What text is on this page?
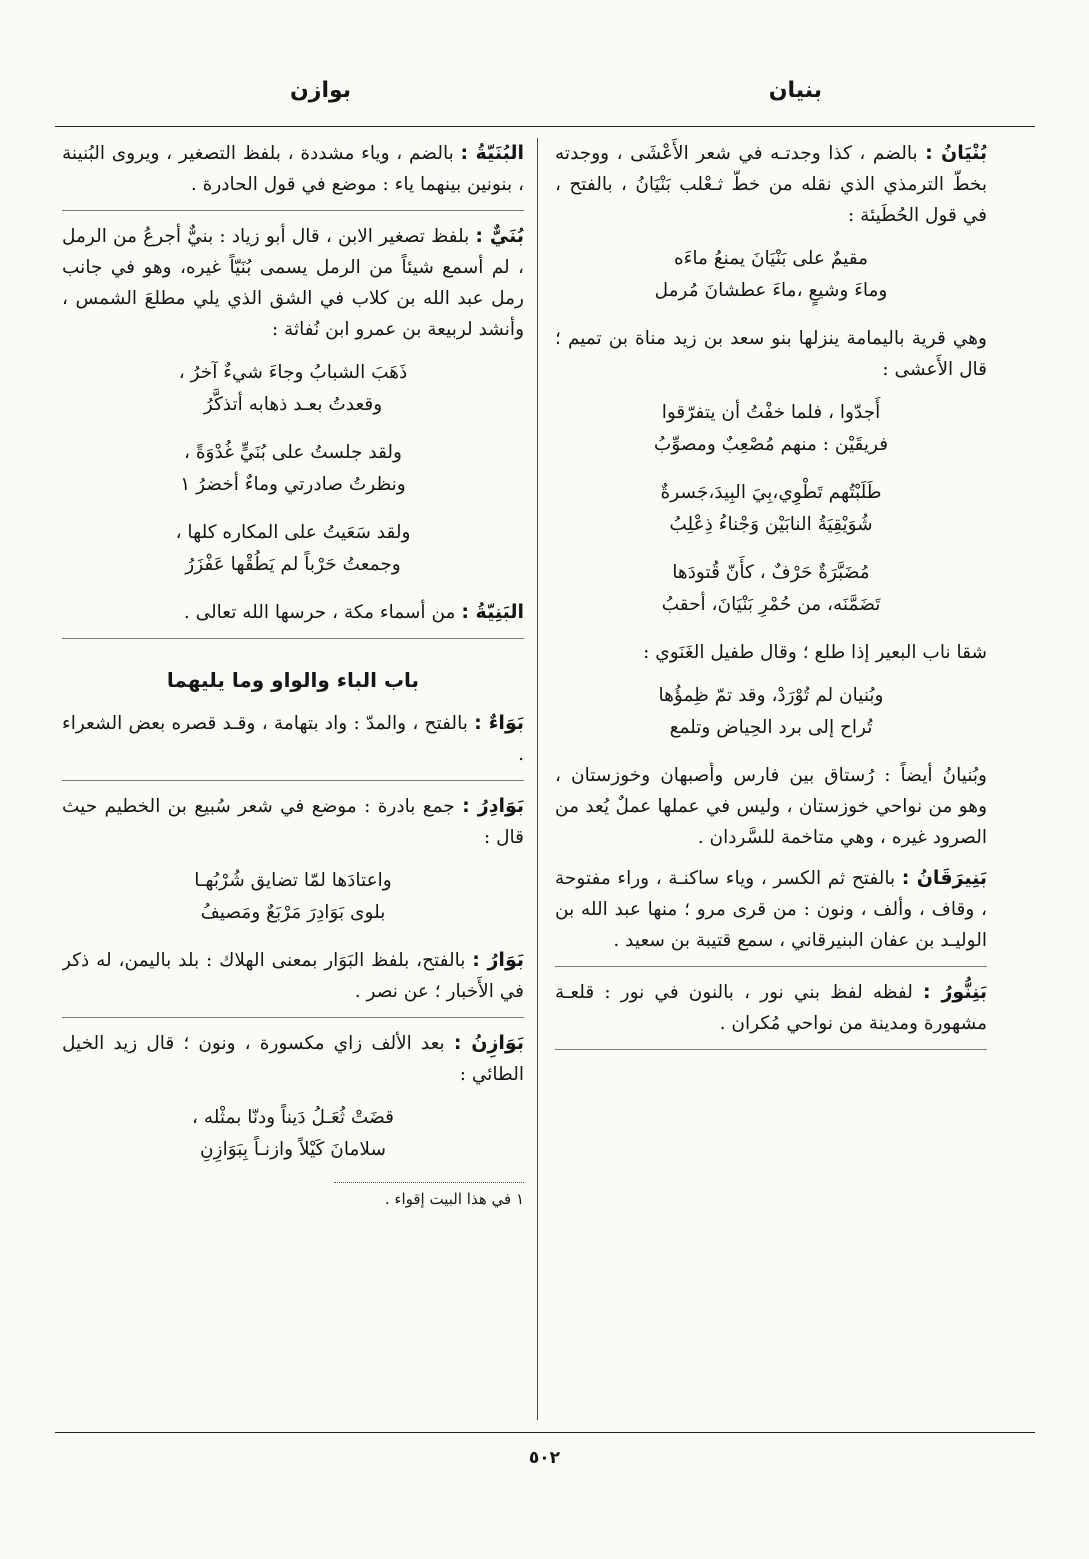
بنيان
بوازن
بُنْيَانُ : بالضم ، كذا وجدتـه في شعر الأَعْشَى ، ووجدته بخطّ الترمذي الذي نقله من خطّ ثـعْلب بَنْيَانُ ، بالفتح ، في قول الحُطَيئة :
مقيمٌ على بَنْيَانَ يمنعُ ماءَه
وماءَ وشيعٍ ،ماءَ عطشانَ مُرمل
وهي قرية باليمامة ينزلها بنو سعد بن زيد مناة بن تميم ؛ قال الأَعشى :
أَجدّوا ، فلما خفْتُ أن يتفرّقوا
فريقَيْن : منهم مُصْعِبٌ ومصوِّبُ
طَلَبْتُهم تَطْوِي،بِيَ البِيدَ،جَسرةٌ
شُوَيْقِيَةُ النابَيْن وَجْناءُ ذِعْلِبُ
مُضَبَّرَةٌ حَرْفٌ ، كأَنّ قُتودَها
تَضَمَّنَه، من حُمْرِ بَنْيَانَ، أحقبُ
شقا ناب البعير إذا طلع ؛ وقال طفيل الغَنَوي :
وبُنيان لم تُوْرَدْ، وقد تمّ ظِمؤُها
تُراح إلى برد الحِياض وتلمع
وبُنيانُ أيضاً : رُستاق بين فارس وأصبهان وخوزستان ، وهو من نواحي خوزستان ، وليس في عملها عملٌ يُعد من الصرود غيره ، وهي متاخمة للسَّردان .
بَنِيرَقَانُ : بالفتح ثم الكسر ، وياء ساكنـة ، وراء مفتوحة ، وقاف ، وألف ، ونون : من قرى مرو ؛ منها عبد الله بن الوليـد بن عفان البنيرقاني ، سمع قتيبة بن سعيد .
بَنِنُّورُ : لفظه لفظ بني نور ، بالنون في نور : قلعـة مشهورة ومدينة من نواحي مُكران .
البُنَيّةُ : بالضم ، وياء مشددة ، بلفظ التصغير ، ويروى البُنينة ، بنونين بينهما ياء : موضع في قول الحادرة .
بُنَيٌّ : بلفظ تصغير الابن ، قال أبو زياد : بنيٌّ أجرعُ من الرمل ، لم أسمع شيئاً من الرمل يسمى بُنَيّاً غيره، وهو في جانب رمل عبد الله بن كلاب في الشق الذي يلي مطلعَ الشمس ، وأنشد لربيعة بن عمرو ابن نُفاثة :
ذَهَبَ الشبابُ وجاءَ شيءٌ آخرُ ،
وقعدتُ بعـد ذهابه أتذكَّرُ
ولقد جلستُ على بُنَيٍّ غُدْوَةً ،
ونظرتُ صادرتي وماءٌ أخضرُ ١
ولقد سَعَيتُ على المكاره كلها ،
وجمعتُ حَرْباً لم يَطُقْها عَفْزَرُ
البَنِيّةُ : من أسماء مكة ، حرسها الله تعالى .
باب الباء والواو وما يليهما
بَوَاءٌ : بالفتح ، والمدّ : واد بتهامة ، وقـد قصره بعض الشعراء .
بَوَادِرُ : جمع بادرة : موضع في شعر سُبيع بن الخطيم حيث قال :
واعتادَها لمّا تضايق شُرْبُهـا
بلوى بَوَادِرَ مَرْبَعٌ ومَصيفُ
بَوَارُ : بالفتح، بلفظ البَوَار بمعنى الهلاك : بلد باليمن، له ذكر في الأَخبار ؛ عن نصر .
بَوَازِنُ : بعد الألف زاي مكسورة ، ونون ؛ قال زيد الخيل الطائي :
قضَتْ ثُعَـلُ دَيناً ودنّا بمثْله ،
سلامانَ كَيْلاً وازنـاً بِبَوَازِنِ
١ في هذا البيت إقواء .
٥٠٢
